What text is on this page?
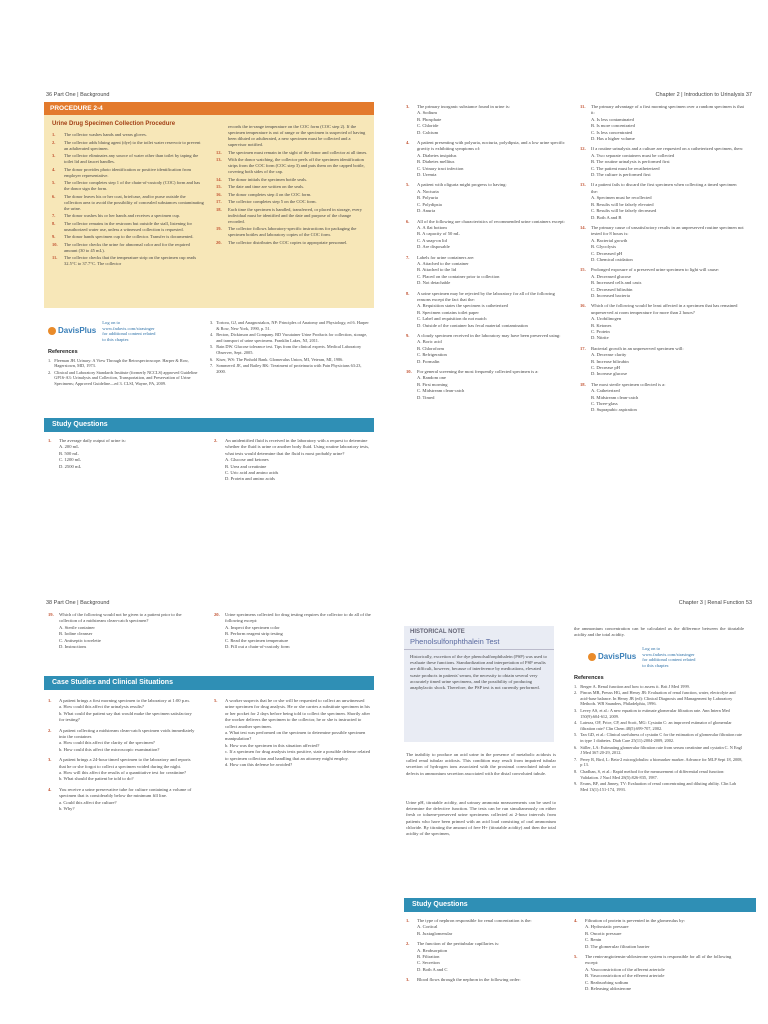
36 Part One | Background
PROCEDURE 2-4
Urine Drug Specimen Collection Procedure
1.	The collector washes hands and wears gloves.
2.	The collector adds bluing agent (dye) to the toilet water reservoir to prevent an adulterated specimen.
3.	The collector eliminates any source of water other than toilet by taping the toilet lid and faucet handles.
4.	The donor provides photo identification or positive identification from employer representative.
5.	The collector completes step 1 of the chain-of-custody (COC) form and has the donor sign the form.
6.	The donor leaves his or her coat, briefcase, and/or purse outside the collection area to avoid the possibility of concealed substances contaminating the urine.
7.	The donor washes his or her hands and receives a specimen cup.
8.	The collector remains in the restroom but outside the stall, listening for unauthorized water use, unless a witnessed collection is requested.
9.	The donor hands specimen cup to the collector. Transfer is documented.
10.	The collector checks the urine for abnormal color and for the required amount (30 to 45 mL).
11.	The collector checks that the temperature strip on the specimen cup reads 32.5°C to 37.7°C. The collector
records the in-range temperature on the COC form (COC step 2). If the specimen temperature is out of range or the specimen is suspected of having been diluted or adulterated, a new specimen must be collected and a supervisor notified.
12.	The specimen must remain in the sight of the donor and collector at all times.
13.	With the donor watching, the collector peels off the specimen identification strips from the COC form (COC step 3) and puts them on the capped bottle, covering both sides of the cap.
14.	The donor initials the specimen bottle seals.
15.	The date and time are written on the seals.
16.	The donor completes step 4 on the COC form.
17.	The collector completes step 5 on the COC form.
18.	Each time the specimen is handled, transferred, or placed in storage, every individual must be identified and the date and purpose of the change recorded.
19.	The collector follows laboratory-specific instructions for packaging the specimen bottles and laboratory copies of the COC form.
20.	The collector distributes the COC copies to appropriate personnel.
DavisPlus
Log on to
www.fadavis.com/strasinger
for additional content related
to this chapter.
References
1. Fleeman JH. Urinary: A View Through the Retrospectroscope. Harper & Row, Hagerstown, MD, 1973.
2. Clinical and Laboratory Standards Institute (formerly NCCLS) approved Guideline GP16-A3: Urinalysis and Collection, Transportation, and Preservation of Urine Specimens; Approved Guideline—ed 3. CLSI, Wayne, PA, 2009.
3. Tortora, GJ, and Anagnostakos, NP: Principles of Anatomy and Physiology, ed 6. Harper & Row, New York, 1990, p. 51.
4. Becton, Dickinson and Company. BD Vacutainer Urine Products for collection, storage, and transport of urine specimens. Franklin Lakes, NJ, 2011.
5. Rain DW. Glucose tolerance test. Tips from the clinical experts. Medical Laboratory Observer, Sept. 2005.
6. Kiser, WS: The Pinhold Bank. Glomerulus Union, MI, Veteran, MI, 1986.
7. Sommervil JE, and Bailey BK: Treatment of proteinuria with Pain Physicians 63:23, 2000.
Study Questions
1.	The average daily output of urine is:
A. 200 mL
B. 500 mL
C. 1200 mL
D. 2500 mL
2.	An unidentified fluid is received in the laboratory with a request to determine whether the fluid is urine or another body fluid. Using routine laboratory tests, what tests would determine that the fluid is most probably urine?
A. Glucose and ketones
B. Urea and creatinine
C. Uric acid and amino acids
D. Protein and amino acids
Chapter 2 | Introduction to Urinalysis 37
3.	The primary inorganic substance found in urine is:
A. Sodium
B. Phosphate
C. Chloride
D. Calcium
4.	A patient presenting with polyuria, nocturia, polydipsia, and a low urine specific gravity is exhibiting symptoms of:
A. Diabetes insipidus
B. Diabetes mellitus
C. Urinary tract infection
D. Uremia
5.	A patient with oliguria might progress to having:
A. Nocturia
B. Polyuria
C. Polydipsia
D. Anuria
6.	All of the following are characteristics of recommended urine containers except:
A. A flat bottom
B. A capacity of 50 mL
C. A snap-on lid
D. Are disposable
7.	Labels for urine containers are:
A. Attached to the container
B. Attached to the lid
C. Placed on the container prior to collection
D. Not detachable
8.	A urine specimen may be rejected by the laboratory for all of the following reasons except the fact that the:
A. Requisition states the specimen is catheterized
B. Specimen contains toilet paper
C. Label and requisition do not match
D. Outside of the container has fecal material contamination
9.	A cloudy specimen received in the laboratory may have been preserved using:
A. Boric acid
B. Chloroform
C. Refrigeration
D. Formalin
10.	For general screening the most frequently collected specimen is a:
A. Random one
B. First morning
C. Midstream clean-catch
D. Timed
11.	The primary advantage of a first morning specimen over a random specimen is that it:
A. Is less contaminated
B. Is more concentrated
C. Is less concentrated
D. Has a higher volume
12.	If a routine urinalysis and a culture are requested on a catheterized specimen, then:
A. Two separate containers must be collected
B. The routine urinalysis is performed first
C. The patient must be recatheterized
D. The culture is performed first
13.	If a patient fails to discard the first specimen when collecting a timed specimen the:
A. Specimen must be recollected
B. Results will be falsely elevated
C. Results will be falsely decreased
D. Both A and B
14.	The primary cause of unsatisfactory results in an unpreserved routine specimen not tested for 8 hours is:
A. Bacterial growth
B. Glycolysis
C. Decreased pH
D. Chemical oxidation
15.	Prolonged exposure of a preserved urine specimen to light will cause:
A. Decreased glucose
B. Increased cells and casts
C. Decreased bilirubin
D. Increased bacteria
16.	Which of the following would be least affected in a specimen that has remained unpreserved at room temperature for more than 2 hours?
A. Urobilinogen
B. Ketones
C. Protein
D. Nitrite
17.	Bacterial growth in an unpreserved specimen will:
A. Decrease clarity
B. Increase bilirubin
C. Decrease pH
D. Increase glucose
18.	The most sterile specimen collected is a:
A. Catheterized
B. Midstream clean-catch
C. Three-glass
D. Suprapubic aspiration
38 Part One | Background
19.	Which of the following would not be given to a patient prior to the collection of a midstream clean-catch specimen?
A. Sterile container
B. Iodine cleanser
C. Antiseptic towelette
D. Instructions
20.	Urine specimens collected for drug testing requires the collector to do all of the following except:
A. Inspect the specimen color
B. Perform reagent strip testing
C. Read the specimen temperature
D. Fill out a chain-of-custody form
Case Studies and Clinical Situations
1.	A patient brings a first morning specimen to the laboratory at 1:00 p.m.
a. How could this affect the urinalysis results?
b. What could the patient say that would make the specimen satisfactory for testing?
2.	A patient collecting a midstream clean-catch specimen voids immediately into the container.
a. How could this affect the clarity of the specimen?
b. How could this affect the microscopic examination?
3.	A patient brings a 24-hour timed specimen to the laboratory and reports that he or she forgot to collect a specimen voided during the night.
a. How will this affect the results of a quantitative test for creatinine?
b. What should the patient be told to do?
4.	You receive a urine preservative tube for culture containing a volume of specimen that is considerably below the minimum fill line.
a. Could this affect the culture?
b. Why?
5.	A worker suspects that he or she will be requested to collect an unwitnessed urine specimen for drug analysis. He or she carries a substitute specimen in his or her pocket for 2 days before being told to collect the specimen. Shortly after the worker delivers the specimen to the collector, he or she is instructed to collect another specimen.
a. What test was performed on the specimen to determine possible specimen manipulation?
b. How was the specimen in this situation affected?
c. If a specimen for drug analysis tests positive, state a possible defense related to specimen collection and handling that an attorney might employ.
d. How can this defense be avoided?
Chapter 3 | Renal Function 53
HISTORICAL NOTE
Phenolsulfonphthalein Test
Historically, excretion of the dye phenolsulfonphthalein (PSP) was used to evaluate these functions. Standardization and interpretation of PSP results are difficult, however, because of interference by medications, elevated waste products in patients' serum, the necessity to obtain several very accurately timed urine specimens, and the possibility of producing anaphylactic shock. Therefore, the PSP test is not currently performed.
The inability to produce an acid urine in the presence of metabolic acidosis is called renal tubular acidosis. This condition may result from impaired tubular secretion of hydrogen ions associated with the proximal convoluted tubule or defects in ammonium secretion associated with the distal convoluted tubule.
Urine pH, titratable acidity, and urinary ammonia measurements can be used to determine the defective function. The tests can be run simultaneously on either fresh or toluene-preserved urine specimens collected at 2-hour intervals from patients who have been primed with an acid load consisting of oral ammonium chloride. By titrating the amount of free H+ (titratable acidity) and then the total acidity of the specimen,
the ammonium concentration can be calculated as the difference between the titratable acidity and the total acidity.
DavisPlus
Log on to
www.fadavis.com/strasinger
for additional content related
to this chapter.
References
1. Berger A. Renal function and how to assess it. Brit J Med 1999.
2. Pincus MR, Preuss HG, and Henry JB: Evaluation of renal function, water, electrolyte and acid-base balance. In Henry JB (ed): Clinical Diagnosis and Management by Laboratory Methods. WB Saunders, Philadelphia, 1996.
3. Levey AS, et al.: A new equation to estimate glomerular filtration rate. Ann Intern Med 150(9):604-612, 2009.
4. Laterza, OF, Price, CP, and Scott, MG: Cystatin C: an improved estimator of glomerular filtration rate? Clin Chem 48(5):699-707, 2002.
5. Tan GD, et al.: Clinical usefulness of cystatin C for the estimation of glomerular filtration rate in type 1 diabetes. Diab Care 25(11):2004-2009, 2002.
6. Stiller, LA: Estimating glomerular filtration rate from serum creatinine and cystatin C. N Engl J Med 367:20-29, 2012.
7. Perey R, Bird, L: Beta-2 microglobulin: a biomarker marker. Advance for MLP Sept 18, 2008, p 13.
8. Chadban, S, et al.: Rapid method for the measurement of differential renal function: Validation. J Nucl Med 28(5):826-835, 1987.
9. Evans, BF, and Jinney, TV: Evaluation of renal concentrating and diluting ability. Clin Lab Med 13(1):151-174, 1993.
Study Questions
1.	The type of nephron responsible for renal concentration is the:
A. Cortical
B. Juxtaglomerular
2.	The function of the peritubular capillaries is:
A. Reabsorption
B. Filtration
C. Secretion
D. Both A and C
3.	Blood flows through the nephron in the following order:
4.	Filtration of protein is prevented in the glomerulus by:
A. Hydrostatic pressure
B. Oncotic pressure
C. Renin
D. The glomerular filtration barrier
5.	The renin-angiotensin-aldosterone system is responsible for all of the following except:
A. Vasoconstriction of the afferent arteriole
B. Vasoconstriction of the efferent arteriole
C. Reabsorbing sodium
D. Releasing aldosterone
